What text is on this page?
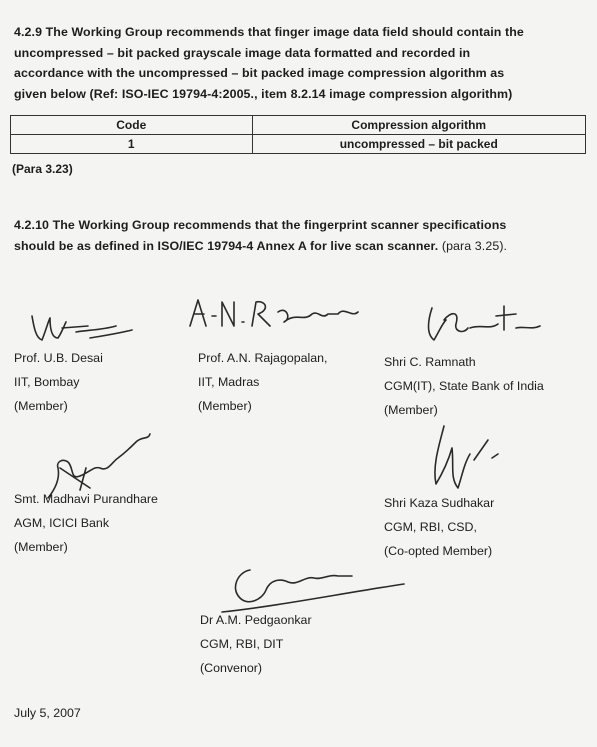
4.2.9 The Working Group recommends that finger image data field should contain the
uncompressed – bit packed grayscale image data formatted and recorded in
accordance with the uncompressed – bit packed image compression algorithm as
given below (Ref: ISO-IEC 19794-4:2005., item 8.2.14 image compression algorithm)
Code	Compression algorithm
1	uncompressed – bit packed
(Para 3.23)
4.2.10 The Working Group recommends that the fingerprint scanner specifications
should be as defined in ISO/IEC 19794-4 Annex A for live scan scanner. (para 3.25).
Prof. U.B. Desai
IIT, Bombay
(Member)
Prof. A.N. Rajagopalan,
IIT, Madras
(Member)
Shri C. Ramnath
CGM(IT), State Bank of India
(Member)
Smt. Madhavi Purandhare
AGM, ICICI Bank
(Member)
Shri Kaza Sudhakar
CGM, RBI, CSD,
(Co-opted Member)
Dr A.M. Pedgaonkar
CGM, RBI, DIT
(Convenor)
July 5, 2007
